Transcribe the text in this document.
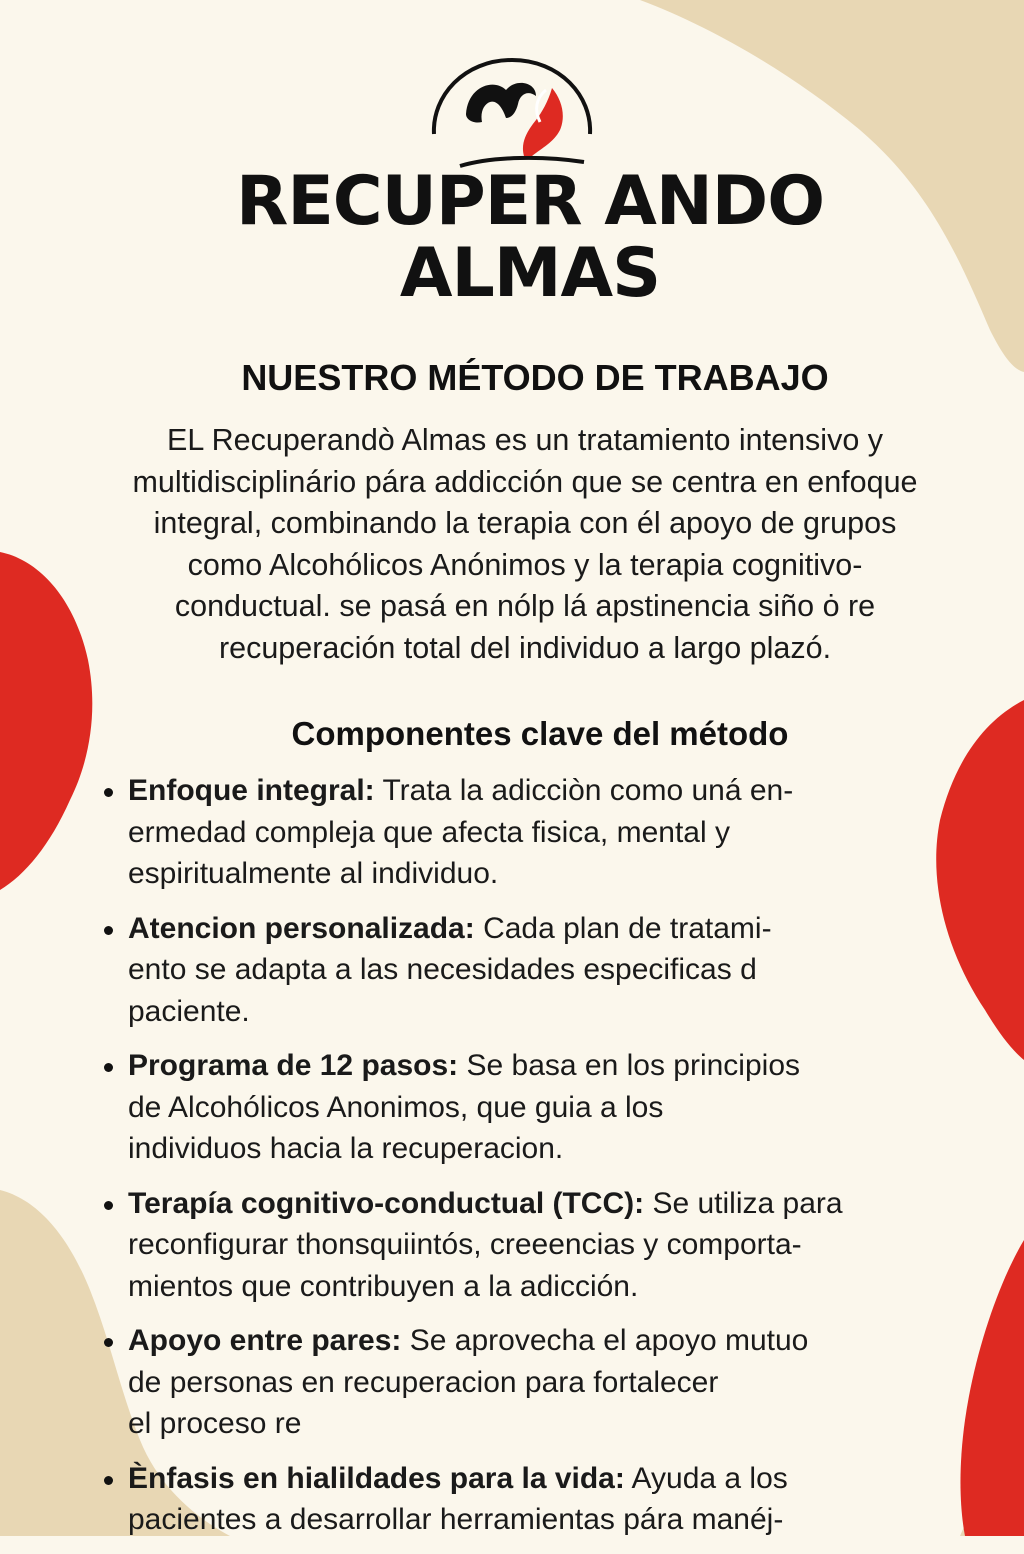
RECUPER ANDO
ALMAS
NUESTRO MÉTODO DE TRABAJO

EL Recuperandò Almas es un tratamiento intensivo y
multidisciplinário pára addicción que se centra en enfoque
integral, combinando la terapia con él apoyo de grupos
como Alcohólicos Anónimos y la terapia cognitivo-
conductual. se pasá en nólp lá apstinencia siño ȯ re
recuperación total del individuo a largo plazó.

Componentes clave del método
Enfoque integral: Trata la adicciòn como uná en-
ermedad compleja que afecta fisica, mental y
espiritualmente al individuo.
Atencion personalizada: Cada plan de tratami-
ento se adapta a las necesidades especificas d
paciente.
Programa de 12 pasos: Se basa en los principios
de Alcohólicos Anonimos, que guia a los
individuos hacia la recuperacion.
Terapía cognitivo-conductual (TCC): Se utiliza para
reconfigurar thonsquiintós, creeencias y comporta-
mientos que contribuyen a la adicción.
Apoyo entre pares: Se aprovecha el apoyo mutuo
de personas en recuperacion para fortalecer
el proceso re
Ènfasis en hialildades para la vida: Ayuda a los
pacientes a desarrollar herramientas pára manéj-
